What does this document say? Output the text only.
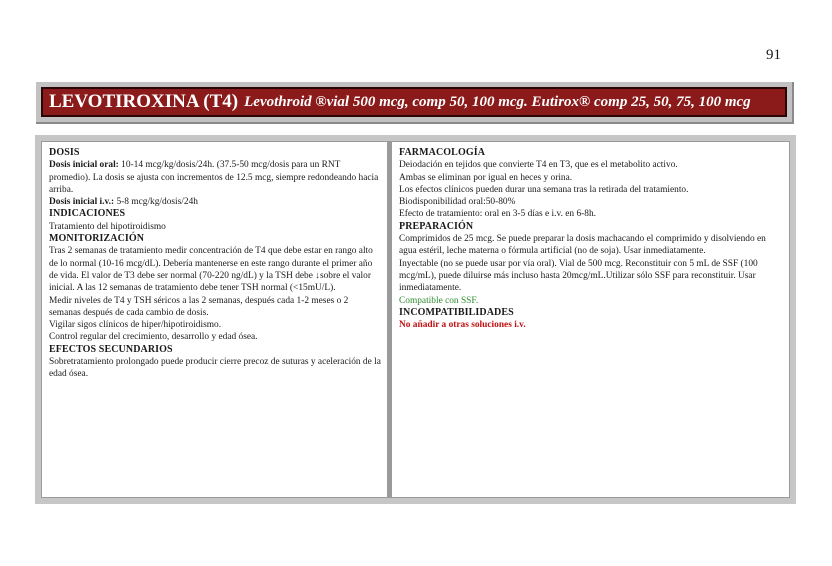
91
LEVOTIROXINA (T4) Levothroid ®vial 500 mcg, comp 50, 100 mcg. Eutirox® comp 25, 50, 75, 100 mcg
DOSIS

Dosis inicial oral: 10-14 mcg/kg/dosis/24h. (37.5-50 mcg/dosis para un RNT promedio). La dosis se ajusta con incrementos de 12.5 mcg, siempre redondeando hacia arriba.

Dosis inicial i.v.: 5-8 mcg/kg/dosis/24h

INDICACIONES

Tratamiento del hipotiroidismo

MONITORIZACIÓN

Tras 2 semanas de tratamiento medir concentración de T4 que debe estar en rango alto de lo normal (10-16 mcg/dL). Debería mantenerse en este rango durante el primer año de vida. El valor de T3 debe ser normal (70-220 ng/dL) y la TSH debe ↓sobre el valor inicial. A las 12 semanas de tratamiento debe tener TSH normal (<15mU/L).

Medir niveles de T4 y TSH séricos a las 2 semanas, después cada 1-2 meses o 2 semanas después de cada cambio de dosis.

Vigilar sigos clínicos de hiper/hipotiroidismo.

Control regular del crecimiento, desarrollo y edad ósea.

EFECTOS SECUNDARIOS

Sobretratamiento prolongado puede producir cierre precoz de suturas y aceleración de la edad ósea.

FARMACOLOGÍA

Deiodación en tejidos que convierte T4 en T3, que es el metabolito activo.

Ambas se eliminan por igual en heces y orina.

Los efectos clínicos pueden durar una semana tras la retirada del tratamiento.

Biodisponibilidad oral:50-80%

Efecto de tratamiento: oral en 3-5 días e i.v. en 6-8h.

PREPARACIÓN

Comprimidos de 25 mcg. Se puede preparar la dosis machacando el comprimido y disolviendo en agua estéril, leche materna o fórmula artificial (no de soja). Usar inmediatamente.

Inyectable (no se puede usar por vía oral). Vial de 500 mcg. Reconstituir con 5 mL de SSF (100 mcg/mL), puede diluirse más incluso hasta 20mcg/mL.Utilizar sólo SSF para reconstituir. Usar inmediatamente.

Compatible con SSF.

INCOMPATIBILIDADES

No añadir a otras soluciones i.v.
